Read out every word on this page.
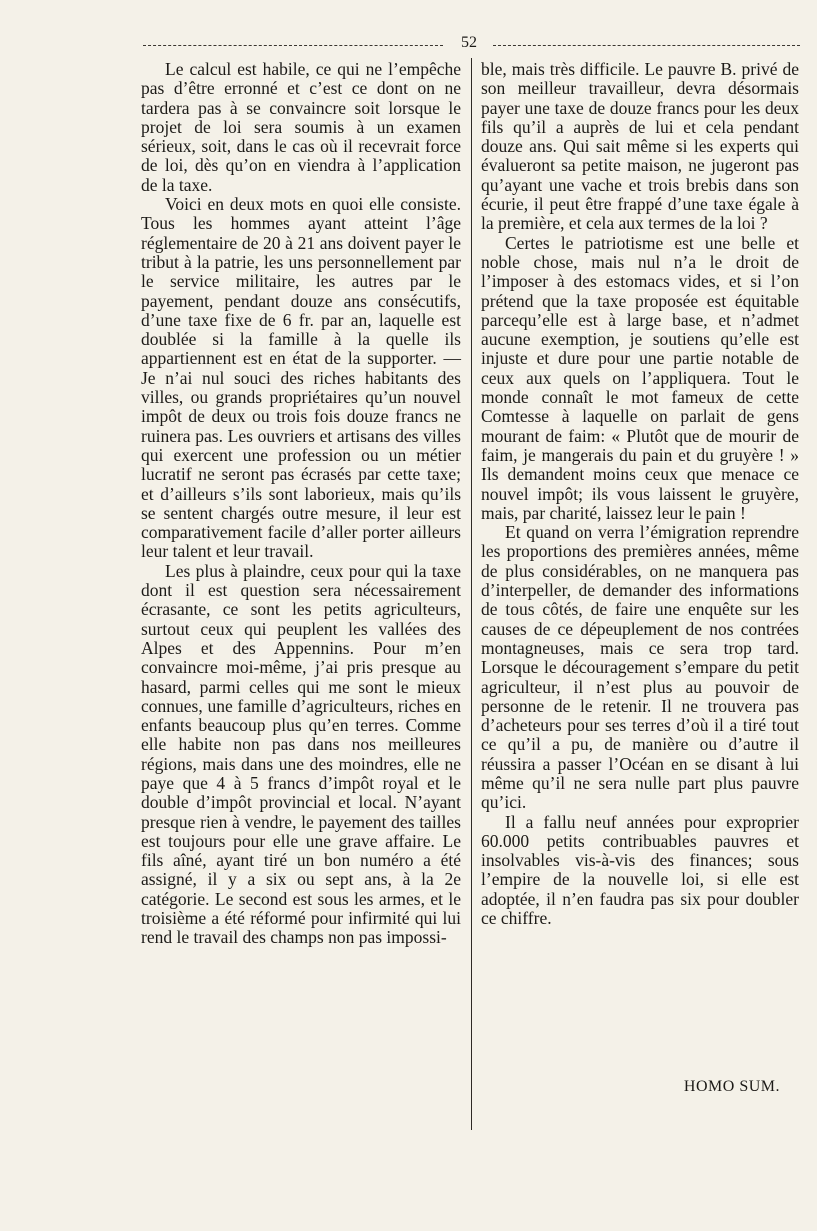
52

Le calcul est habile, ce qui ne l’empêche pas d’être erronné et c’est ce dont on ne tardera pas à se convaincre soit lorsque le projet de loi sera soumis à un examen sérieux, soit, dans le cas où il recevrait force de loi, dès qu’on en viendra à l’application de la taxe.

Voici en deux mots en quoi elle consiste. Tous les hommes ayant atteint l’âge réglementaire de 20 à 21 ans doivent payer le tribut à la patrie, les uns personnellement par le service militaire, les autres par le payement, pendant douze ans consécutifs, d’une taxe fixe de 6 fr. par an, laquelle est doublée si la famille à la quelle ils appartiennent est en état de la supporter. — Je n’ai nul souci des riches habitants des villes, ou grands propriétaires qu’un nouvel impôt de deux ou trois fois douze francs ne ruinera pas. Les ouvriers et artisans des villes qui exercent une profession ou un métier lucratif ne seront pas écrasés par cette taxe; et d’ailleurs s’ils sont laborieux, mais qu’ils se sentent chargés outre mesure, il leur est comparativement facile d’aller porter ailleurs leur talent et leur travail.

Les plus à plaindre, ceux pour qui la taxe dont il est question sera nécessairement écrasante, ce sont les petits agriculteurs, surtout ceux qui peuplent les vallées des Alpes et des Appennins. Pour m’en convaincre moi-même, j’ai pris presque au hasard, parmi celles qui me sont le mieux connues, une famille d’agriculteurs, riches en enfants beaucoup plus qu’en terres. Comme elle habite non pas dans nos meilleures régions, mais dans une des moindres, elle ne paye que 4 à 5 francs d’impôt royal et le double d’impôt provincial et local. N’ayant presque rien à vendre, le payement des tailles est toujours pour elle une grave affaire. Le fils aîné, ayant tiré un bon numéro a été assigné, il y a six ou sept ans, à la 2e catégorie. Le second est sous les armes, et le troisième a été réformé pour infirmité qui lui rend le travail des champs non pas impossi-

ble, mais très difficile. Le pauvre B. privé de son meilleur travailleur, devra désormais payer une taxe de douze francs pour les deux fils qu’il a auprès de lui et cela pendant douze ans. Qui sait même si les experts qui évalueront sa petite maison, ne jugeront pas qu’ayant une vache et trois brebis dans son écurie, il peut être frappé d’une taxe égale à la première, et cela aux termes de la loi ?

Certes le patriotisme est une belle et noble chose, mais nul n’a le droit de l’imposer à des estomacs vides, et si l’on prétend que la taxe proposée est équitable parcequ’elle est à large base, et n’admet aucune exemption, je soutiens qu’elle est injuste et dure pour une partie notable de ceux aux quels on l’appliquera. Tout le monde connaît le mot fameux de cette Comtesse à laquelle on parlait de gens mourant de faim: « Plutôt que de mourir de faim, je mangerais du pain et du gruyère ! » Ils demandent moins ceux que menace ce nouvel impôt; ils vous laissent le gruyère, mais, par charité, laissez leur le pain !

Et quand on verra l’émigration reprendre les proportions des premières années, même de plus considérables, on ne manquera pas d’interpeller, de demander des informations de tous côtés, de faire une enquête sur les causes de ce dépeuplement de nos contrées montagneuses, mais ce sera trop tard. Lorsque le découragement s’empare du petit agriculteur, il n’est plus au pouvoir de personne de le retenir. Il ne trouvera pas d’acheteurs pour ses terres d’où il a tiré tout ce qu’il a pu, de manière ou d’autre il réussira a passer l’Océan en se disant à lui même qu’il ne sera nulle part plus pauvre qu’ici.

Il a fallu neuf années pour exproprier 60.000 petits contribuables pauvres et insolvables vis-à-vis des finances; sous l’empire de la nouvelle loi, si elle est adoptée, il n’en faudra pas six pour doubler ce chiffre.

HOMO SUM.
